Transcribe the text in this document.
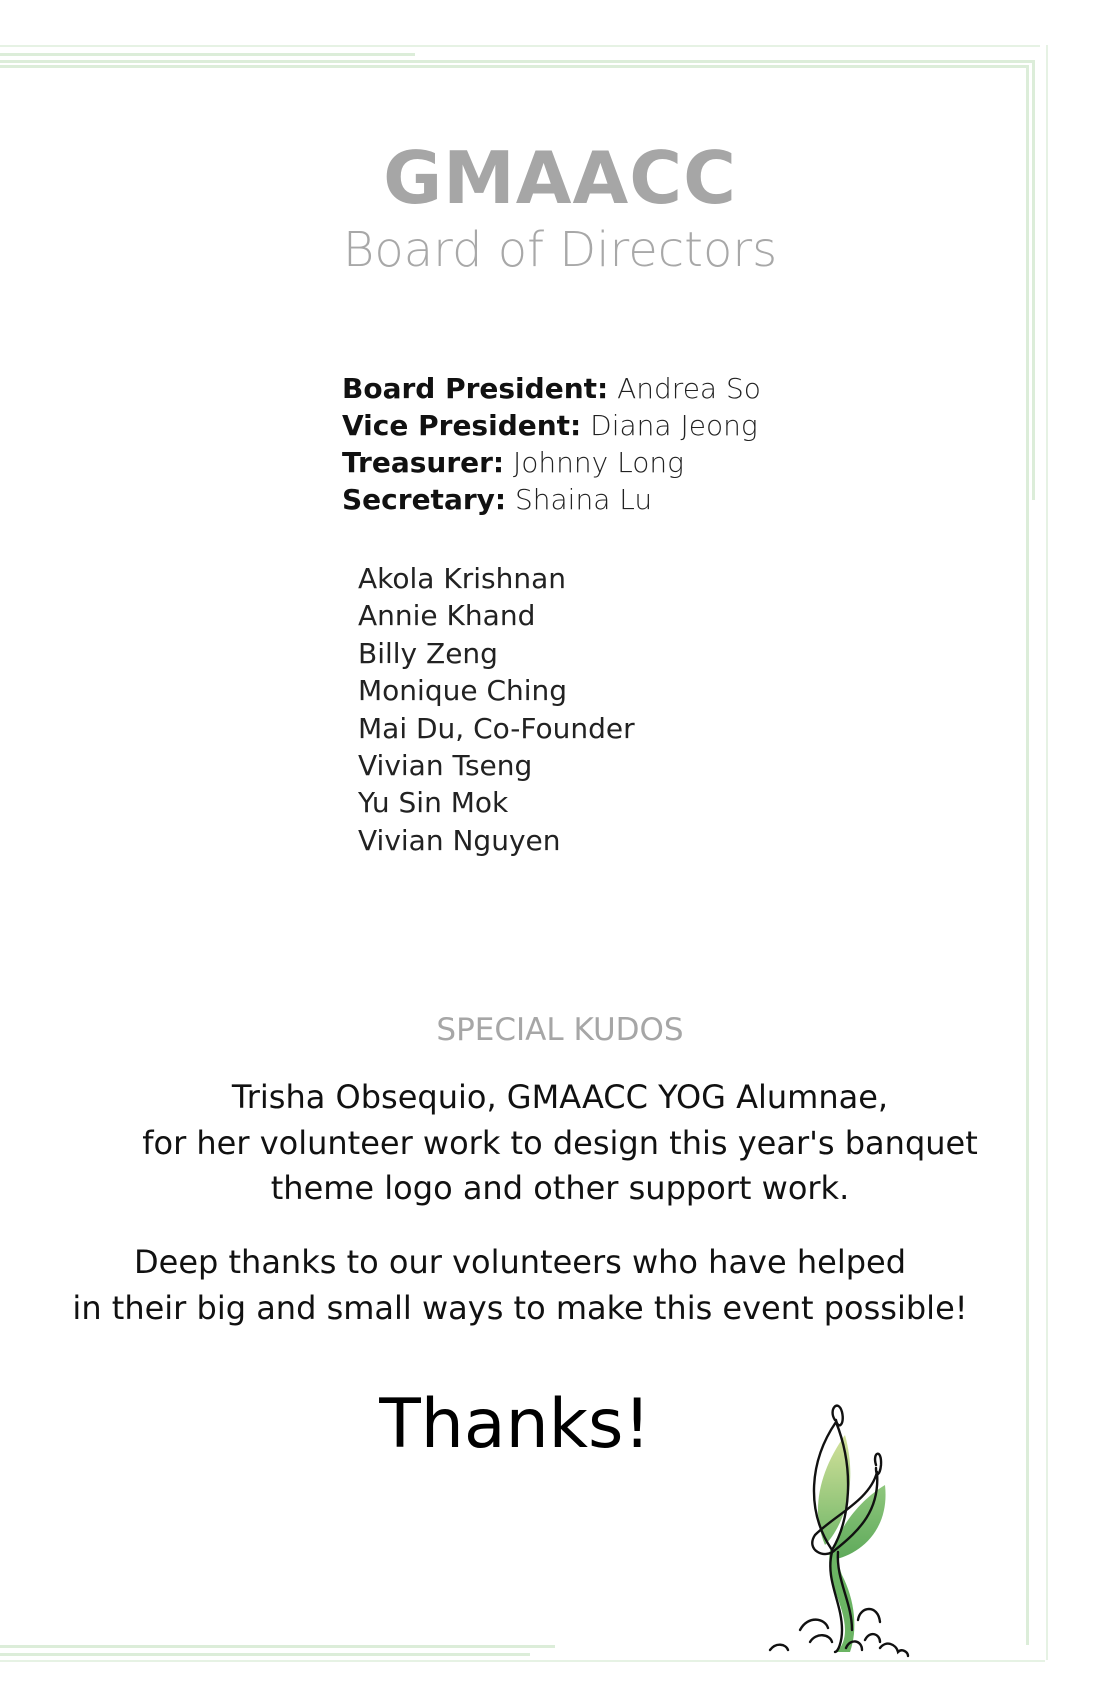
GMAACC
Board of Directors
Board President: Andrea So
Vice President: Diana Jeong
Treasurer: Johnny Long
Secretary: Shaina Lu
Akola Krishnan
Annie Khand
Billy Zeng
Monique Ching
Mai Du, Co-Founder
Vivian Tseng
Yu Sin Mok
Vivian Nguyen
SPECIAL KUDOS
Trisha Obsequio, GMAACC YOG Alumnae,
for her volunteer work to design this year's banquet
theme logo and other support work.
Deep thanks to our volunteers who have helped
in their big and small ways to make this event possible!
Thanks!
